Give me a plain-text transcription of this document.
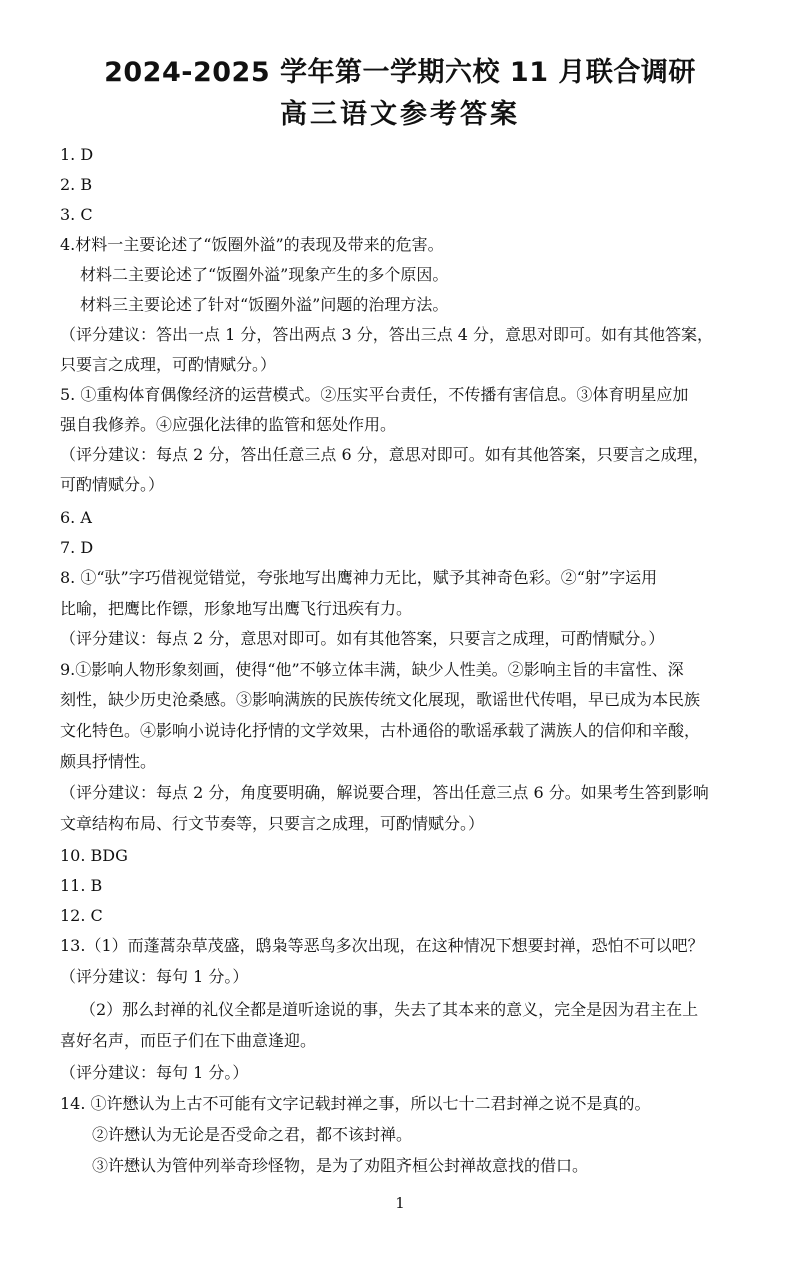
2024-2025 学年第一学期六校 11 月联合调研
高三语文参考答案
1. D
2. B
3. C
4.材料一主要论述了“饭圈外溢”的表现及带来的危害。
材料二主要论述了“饭圈外溢”现象产生的多个原因。
材料三主要论述了针对“饭圈外溢”问题的治理方法。
（评分建议：答出一点 1 分，答出两点 3 分，答出三点 4 分，意思对即可。如有其他答案，
只要言之成理，可酌情赋分。）
5. ①重构体育偶像经济的运营模式。②压实平台责任，不传播有害信息。③体育明星应加
强自我修养。④应强化法律的监管和惩处作用。
（评分建议：每点 2 分，答出任意三点 6 分，意思对即可。如有其他答案，只要言之成理，
可酌情赋分。）
6. A
7. D
8. ①“驮”字巧借视觉错觉，夸张地写出鹰神力无比，赋予其神奇色彩。②“射”字运用
比喻，把鹰比作镖，形象地写出鹰飞行迅疾有力。
（评分建议：每点 2 分，意思对即可。如有其他答案，只要言之成理，可酌情赋分。）
9.①影响人物形象刻画，使得“他”不够立体丰满，缺少人性美。②影响主旨的丰富性、深
刻性，缺少历史沧桑感。③影响满族的民族传统文化展现，歌谣世代传唱，早已成为本民族
文化特色。④影响小说诗化抒情的文学效果，古朴通俗的歌谣承载了满族人的信仰和辛酸，
颇具抒情性。
（评分建议：每点 2 分，角度要明确，解说要合理，答出任意三点 6 分。如果考生答到影响
文章结构布局、行文节奏等，只要言之成理，可酌情赋分。）
10. BDG
11. B
12. C
13.（1）而蓬蒿杂草茂盛，鸱枭等恶鸟多次出现，在这种情况下想要封禅，恐怕不可以吧？
（评分建议：每句 1 分。）
（2）那么封禅的礼仪全都是道听途说的事，失去了其本来的意义，完全是因为君主在上
喜好名声，而臣子们在下曲意逢迎。
（评分建议：每句 1 分。）
14. ①许懋认为上古不可能有文字记载封禅之事，所以七十二君封禅之说不是真的。
②许懋认为无论是否受命之君，都不该封禅。
③许懋认为管仲列举奇珍怪物，是为了劝阻齐桓公封禅故意找的借口。
1
